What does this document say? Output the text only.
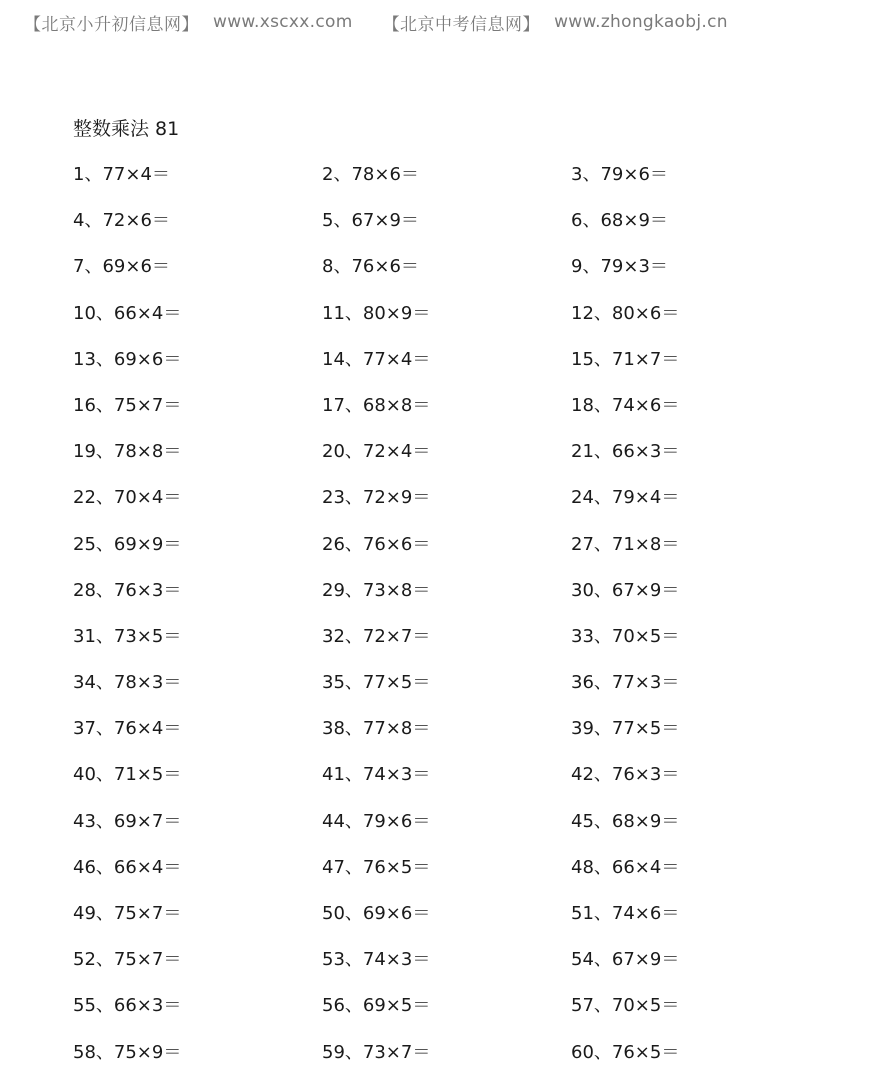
【北京小升初信息网】 www.xscxx.com 【北京中考信息网】 www.zhongkaobj.cn
整数乘法 81
1、77×4＝	2、78×6＝	3、79×6＝
4、72×6＝	5、67×9＝	6、68×9＝
7、69×6＝	8、76×6＝	9、79×3＝
10、66×4＝	11、80×9＝	12、80×6＝
13、69×6＝	14、77×4＝	15、71×7＝
16、75×7＝	17、68×8＝	18、74×6＝
19、78×8＝	20、72×4＝	21、66×3＝
22、70×4＝	23、72×9＝	24、79×4＝
25、69×9＝	26、76×6＝	27、71×8＝
28、76×3＝	29、73×8＝	30、67×9＝
31、73×5＝	32、72×7＝	33、70×5＝
34、78×3＝	35、77×5＝	36、77×3＝
37、76×4＝	38、77×8＝	39、77×5＝
40、71×5＝	41、74×3＝	42、76×3＝
43、69×7＝	44、79×6＝	45、68×9＝
46、66×4＝	47、76×5＝	48、66×4＝
49、75×7＝	50、69×6＝	51、74×6＝
52、75×7＝	53、74×3＝	54、67×9＝
55、66×3＝	56、69×5＝	57、70×5＝
58、75×9＝	59、73×7＝	60、76×5＝
